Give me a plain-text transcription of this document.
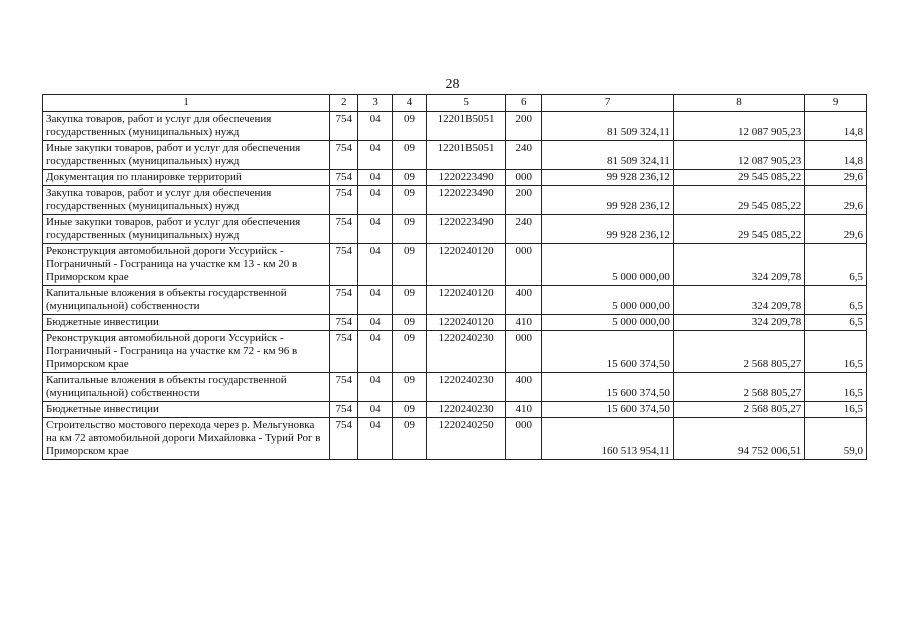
28
1	2	3	4	5	6	7	8	9
Закупка товаров, работ и услуг для обеспечения государственных (муниципальных) нужд	754	04	09	12201B5051	200	81 509 324,11	12 087 905,23	14,8
Иные закупки товаров, работ и услуг для обеспечения государственных (муниципальных) нужд	754	04	09	12201B5051	240	81 509 324,11	12 087 905,23	14,8
Документация по планировке территорий	754	04	09	1220223490	000	99 928 236,12	29 545 085,22	29,6
Закупка товаров, работ и услуг для обеспечения государственных (муниципальных) нужд	754	04	09	1220223490	200	99 928 236,12	29 545 085,22	29,6
Иные закупки товаров, работ и услуг для обеспечения государственных (муниципальных) нужд	754	04	09	1220223490	240	99 928 236,12	29 545 085,22	29,6
Реконструкция автомобильной дороги Уссурийск - Пограничный - Госграница на участке км 13 - км 20 в Приморском крае	754	04	09	1220240120	000	5 000 000,00	324 209,78	6,5
Капитальные вложения в объекты государственной (муниципальной) собственности	754	04	09	1220240120	400	5 000 000,00	324 209,78	6,5
Бюджетные инвестиции	754	04	09	1220240120	410	5 000 000,00	324 209,78	6,5
Реконструкция автомобильной дороги Уссурийск - Пограничный - Госграница на участке км 72 - км 96 в Приморском крае	754	04	09	1220240230	000	15 600 374,50	2 568 805,27	16,5
Капитальные вложения в объекты государственной (муниципальной) собственности	754	04	09	1220240230	400	15 600 374,50	2 568 805,27	16,5
Бюджетные инвестиции	754	04	09	1220240230	410	15 600 374,50	2 568 805,27	16,5
Строительство мостового перехода через р. Мельгуновка на км 72 автомобильной дороги Михайловка - Турий Рог в Приморском крае	754	04	09	1220240250	000	160 513 954,11	94 752 006,51	59,0
